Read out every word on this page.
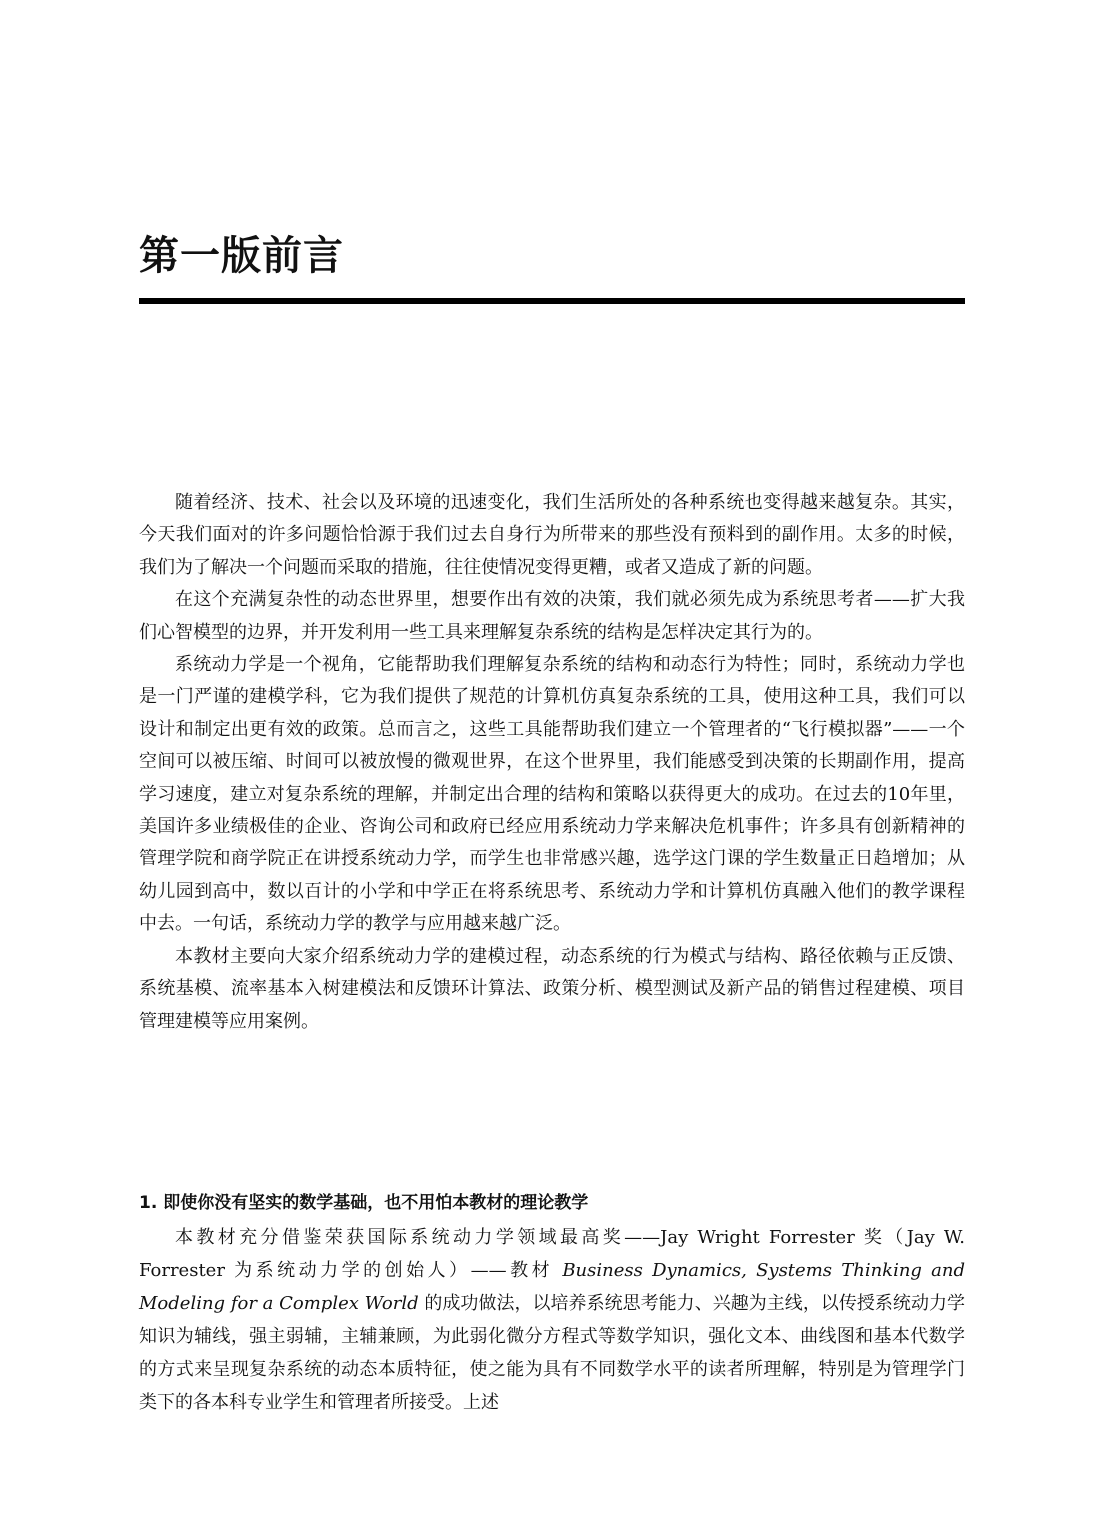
第一版前言

随着经济、技术、社会以及环境的迅速变化，我们生活所处的各种系统也变得越来越复杂。其实，今天我们面对的许多问题恰恰源于我们过去自身行为所带来的那些没有预料到的副作用。太多的时候，我们为了解决一个问题而采取的措施，往往使情况变得更糟，或者又造成了新的问题。

在这个充满复杂性的动态世界里，想要作出有效的决策，我们就必须先成为系统思考者——扩大我们心智模型的边界，并开发利用一些工具来理解复杂系统的结构是怎样决定其行为的。

系统动力学是一个视角，它能帮助我们理解复杂系统的结构和动态行为特性；同时，系统动力学也是一门严谨的建模学科，它为我们提供了规范的计算机仿真复杂系统的工具，使用这种工具，我们可以设计和制定出更有效的政策。总而言之，这些工具能帮助我们建立一个管理者的“飞行模拟器”——一个空间可以被压缩、时间可以被放慢的微观世界，在这个世界里，我们能感受到决策的长期副作用，提高学习速度，建立对复杂系统的理解，并制定出合理的结构和策略以获得更大的成功。在过去的10年里，美国许多业绩极佳的企业、咨询公司和政府已经应用系统动力学来解决危机事件；许多具有创新精神的管理学院和商学院正在讲授系统动力学，而学生也非常感兴趣，选学这门课的学生数量正日趋增加；从幼儿园到高中，数以百计的小学和中学正在将系统思考、系统动力学和计算机仿真融入他们的教学课程中去。一句话，系统动力学的教学与应用越来越广泛。

本教材主要向大家介绍系统动力学的建模过程，动态系统的行为模式与结构、路径依赖与正反馈、系统基模、流率基本入树建模法和反馈环计算法、政策分析、模型测试及新产品的销售过程建模、项目管理建模等应用案例。

1. 即使你没有坚实的数学基础，也不用怕本教材的理论教学

本教材充分借鉴荣获国际系统动力学领域最高奖——Jay Wright Forrester 奖（Jay W. Forrester 为系统动力学的创始人）——教材 Business Dynamics, Systems Thinking and Modeling for a Complex World 的成功做法，以培养系统思考能力、兴趣为主线，以传授系统动力学知识为辅线，强主弱辅，主辅兼顾，为此弱化微分方程式等数学知识，强化文本、曲线图和基本代数学的方式来呈现复杂系统的动态本质特征，使之能为具有不同数学水平的读者所理解，特别是为管理学门类下的各本科专业学生和管理者所接受。上述
